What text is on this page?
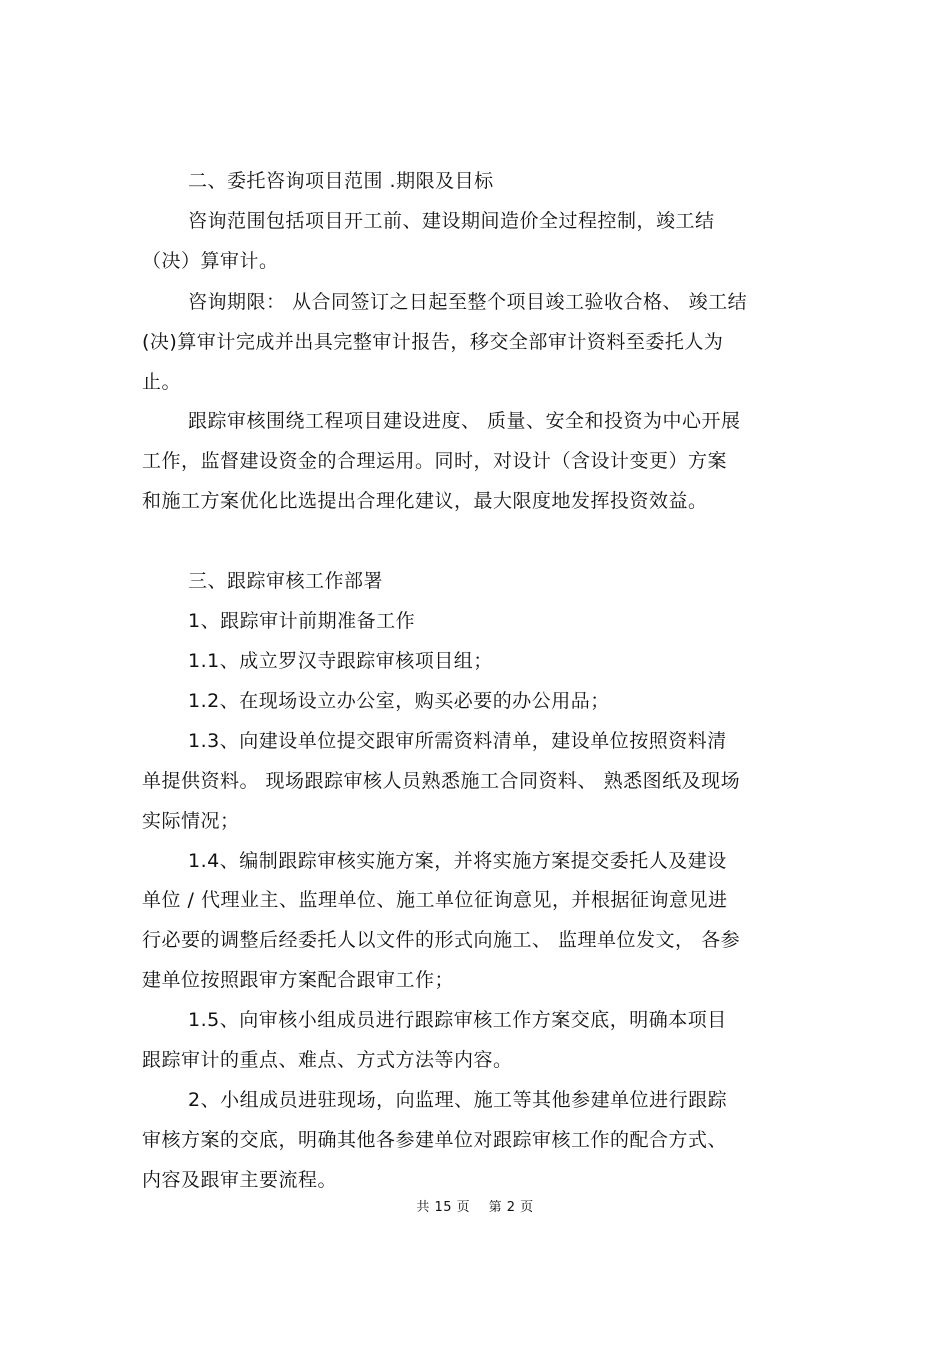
二、委托咨询项目范围 .期限及目标
咨询范围包括项目开工前、建设期间造价全过程控制，竣工结
（决）算审计。
咨询期限： 从合同签订之日起至整个项目竣工验收合格、 竣工结
(决)算审计完成并出具完整审计报告，移交全部审计资料至委托人为
止。
跟踪审核围绕工程项目建设进度、 质量、安全和投资为中心开展
工作，监督建设资金的合理运用。同时，对设计（含设计变更）方案
和施工方案优化比选提出合理化建议，最大限度地发挥投资效益。
三、跟踪审核工作部署
1、跟踪审计前期准备工作
1.1、成立罗汉寺跟踪审核项目组；
1.2、在现场设立办公室，购买必要的办公用品；
1.3、向建设单位提交跟审所需资料清单，建设单位按照资料清
单提供资料。 现场跟踪审核人员熟悉施工合同资料、 熟悉图纸及现场
实际情况；
1.4、编制跟踪审核实施方案，并将实施方案提交委托人及建设
单位 / 代理业主、监理单位、施工单位征询意见，并根据征询意见进
行必要的调整后经委托人以文件的形式向施工、 监理单位发文， 各参
建单位按照跟审方案配合跟审工作；
1.5、向审核小组成员进行跟踪审核工作方案交底，明确本项目
跟踪审计的重点、难点、方式方法等内容。
2、小组成员进驻现场，向监理、施工等其他参建单位进行跟踪
审核方案的交底，明确其他各参建单位对跟踪审核工作的配合方式、
内容及跟审主要流程。
共 15 页    第 2 页
